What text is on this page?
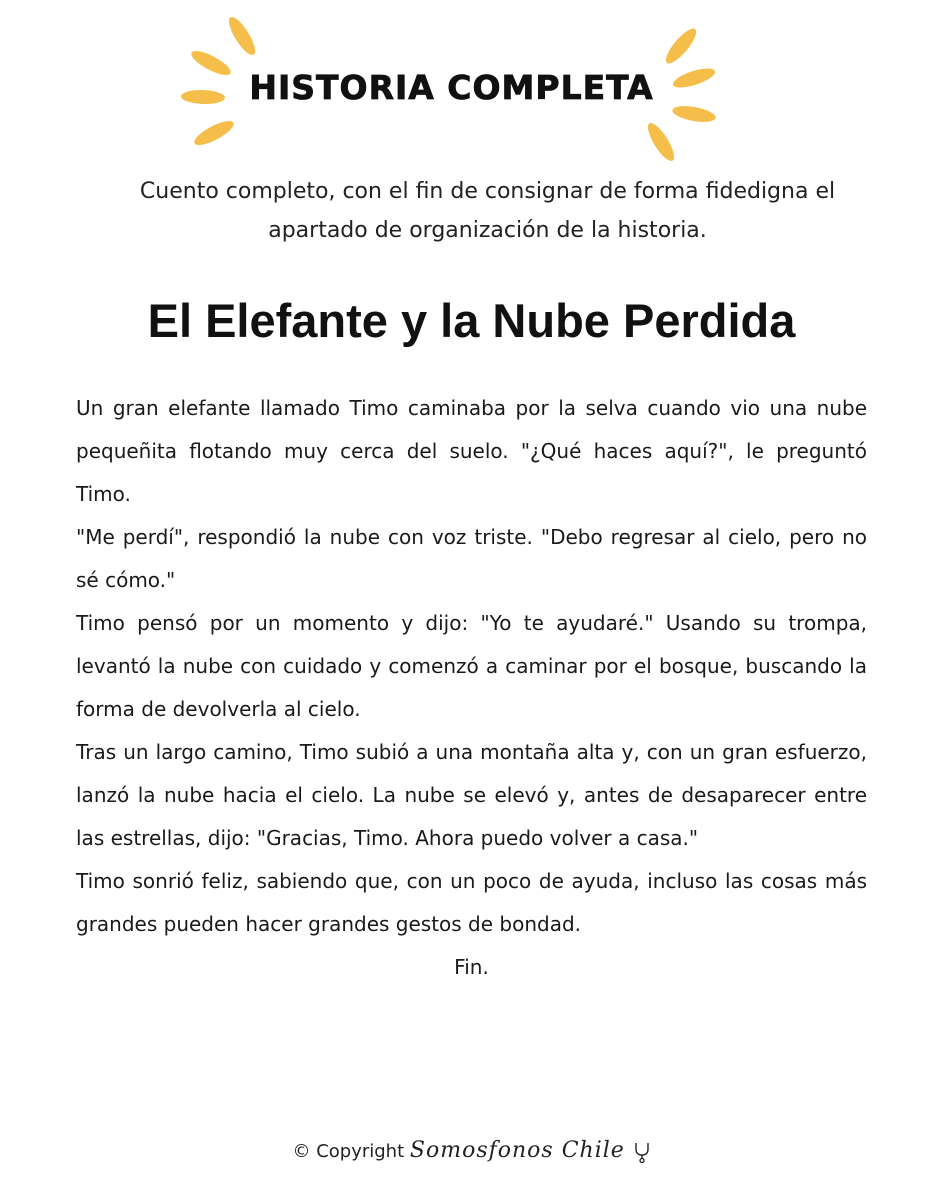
HISTORIA COMPLETA
Cuento completo, con el fin de consignar de forma fidedigna el apartado de organización de la historia.
El Elefante y la Nube Perdida

Un gran elefante llamado Timo caminaba por la selva cuando vio una nube pequeñita flotando muy cerca del suelo. "¿Qué haces aquí?", le preguntó Timo.

"Me perdí", respondió la nube con voz triste. "Debo regresar al cielo, pero no sé cómo."

Timo pensó por un momento y dijo: "Yo te ayudaré." Usando su trompa, levantó la nube con cuidado y comenzó a caminar por el bosque, buscando la forma de devolverla al cielo.

Tras un largo camino, Timo subió a una montaña alta y, con un gran esfuerzo, lanzó la nube hacia el cielo. La nube se elevó y, antes de desaparecer entre las estrellas, dijo: "Gracias, Timo. Ahora puedo volver a casa."

Timo sonrió feliz, sabiendo que, con un poco de ayuda, incluso las cosas más grandes pueden hacer grandes gestos de bondad.

Fin.

© Copyright Somosfonos Chile
